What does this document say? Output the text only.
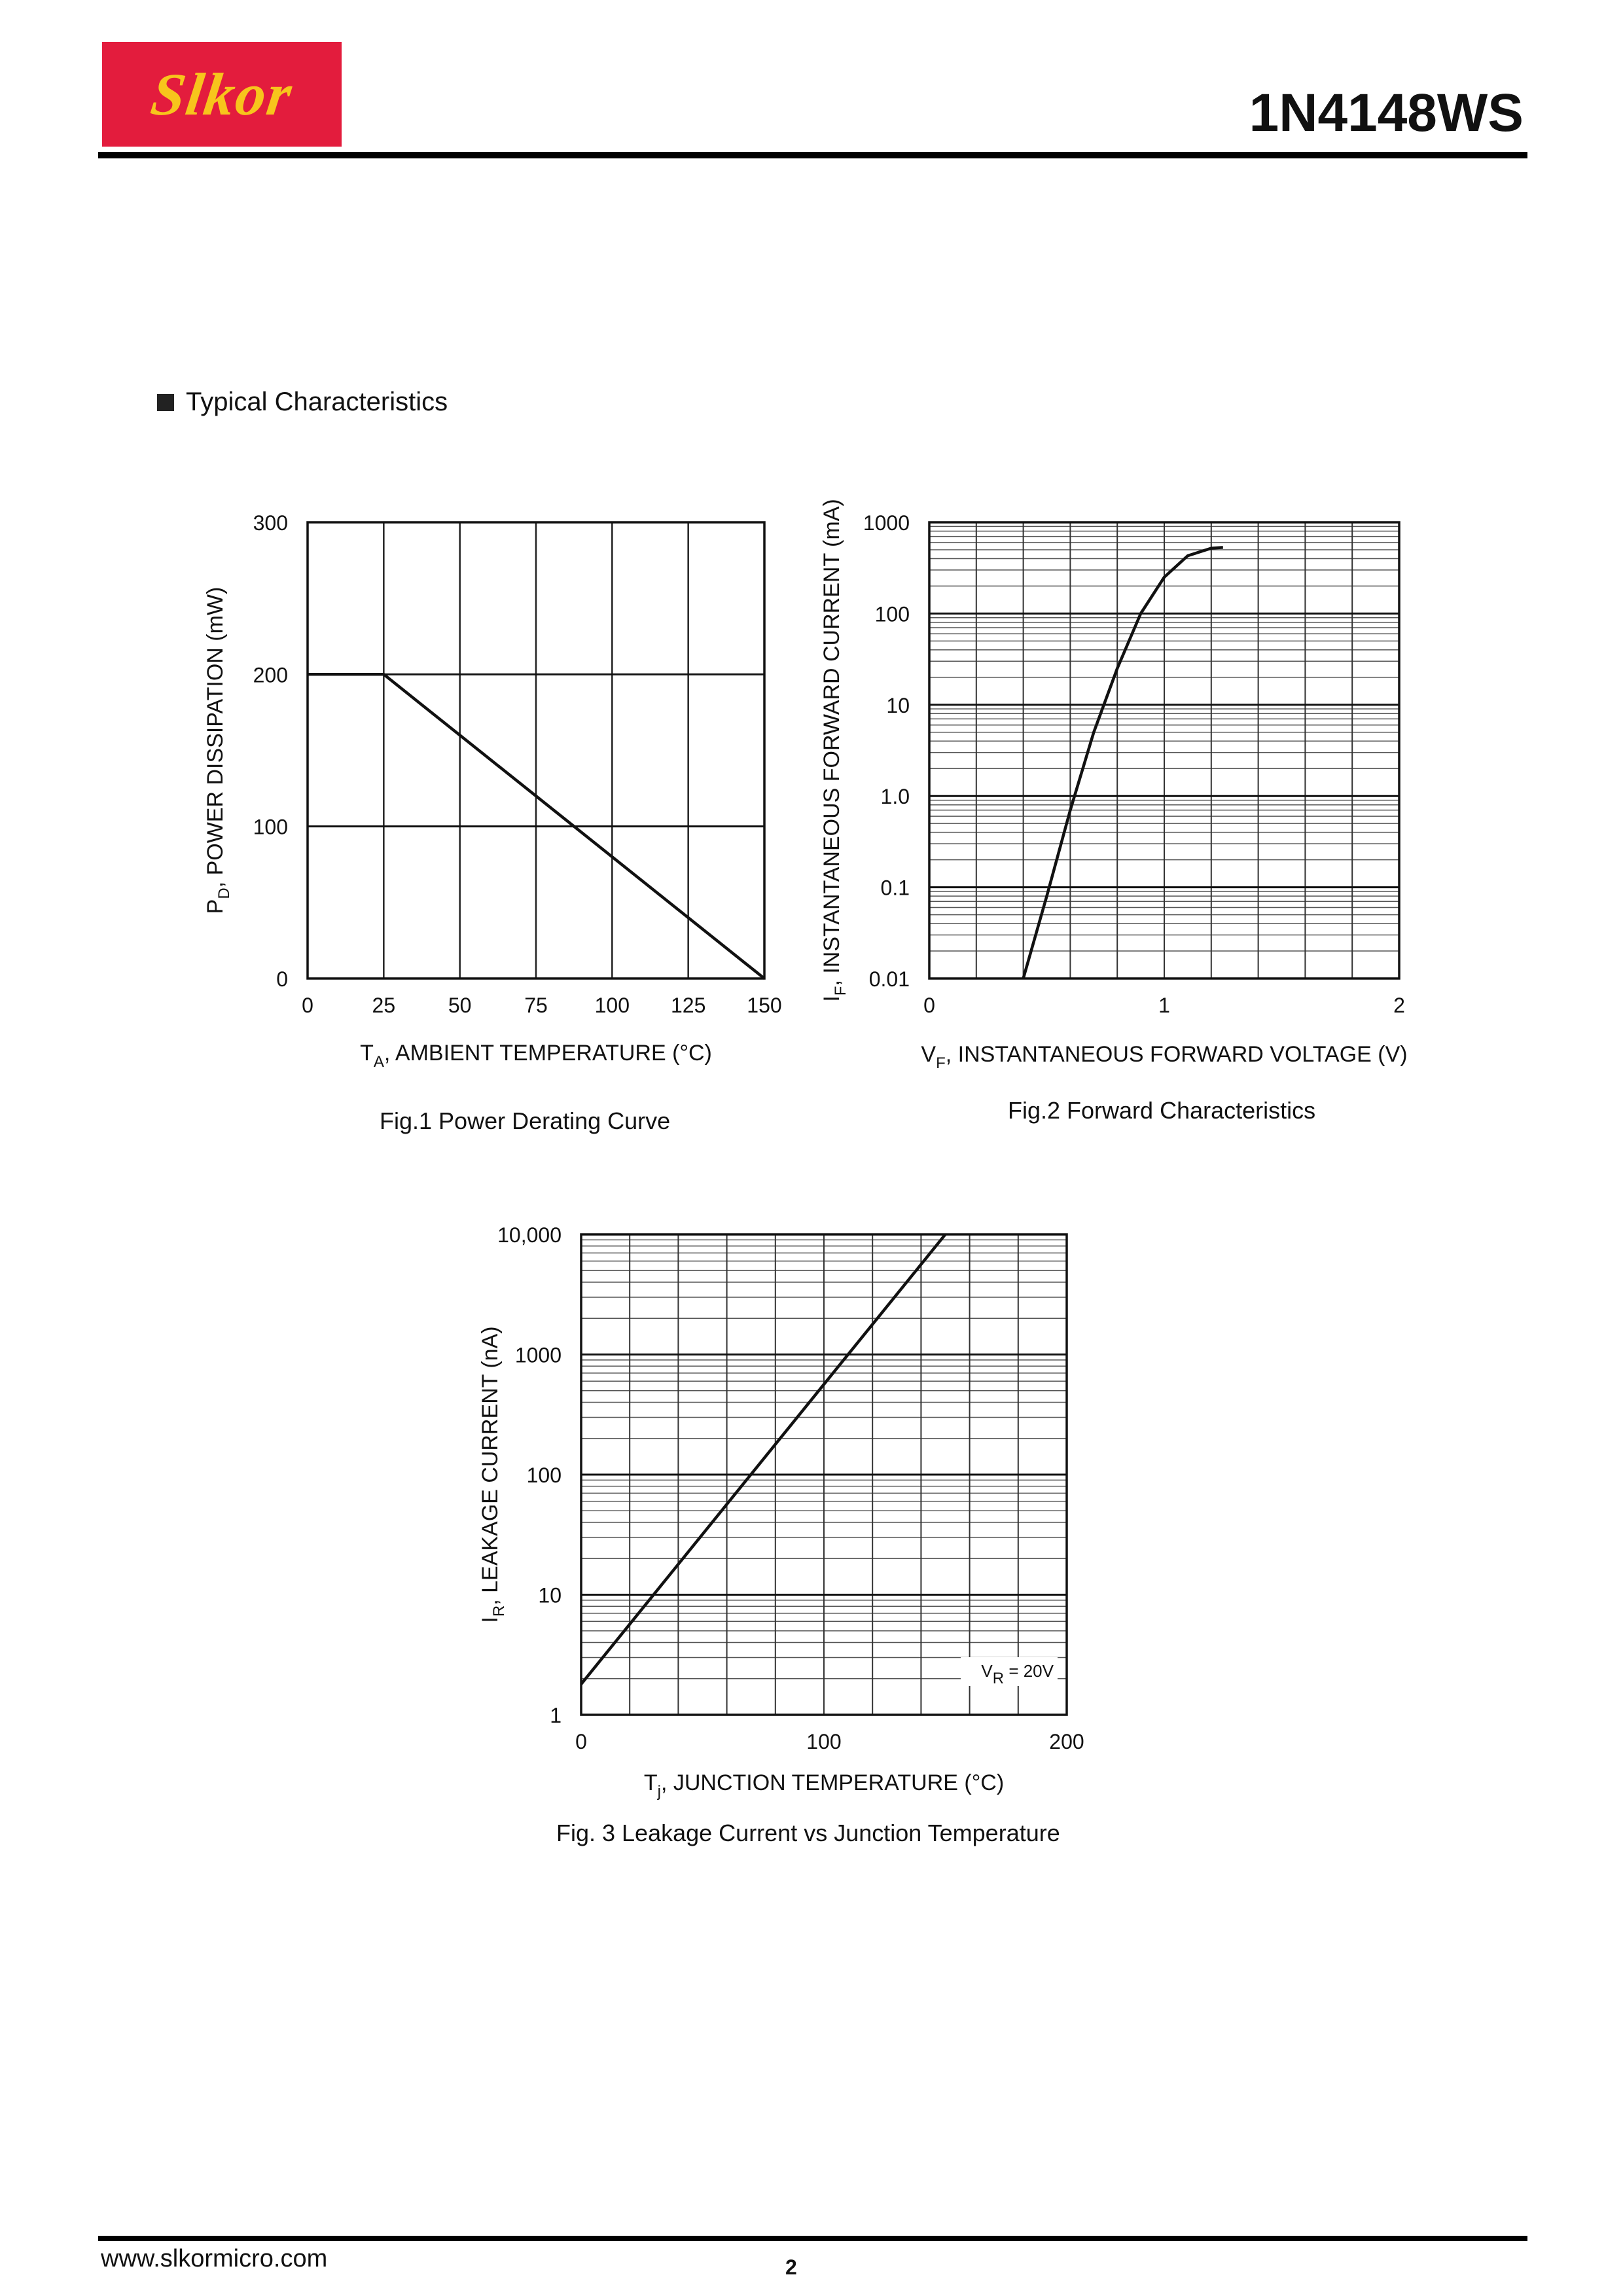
Slkor	1N4148WS
Typical Characteristics
0
100
200
300
0	25	50	75 100 125 150
$T_A$, AMBIENT TEMPERATURE (°C)
$P_D$, POWER DISSIPATION (mW)
0.01
0.1
1.0
10
100
1000
0	1	2
$V_F$, INSTANTANEOUS FORWARD VOLTAGE (V)
$I_F$, INSTANTANEOUS FORWARD CURRENT (mA)
1
10
100
1000
10,000
0	100	200
$T_j$, JUNCTION TEMPERATURE (°C)
$I_R$, LEAKAGE CURRENT (nA)
VR = 20V
Fig.1 Power Derating Curve	Fig.2 Forward Characteristics
Fig. 3 Leakage Current vs Junction Temperature
www.slkormicro.com	2
